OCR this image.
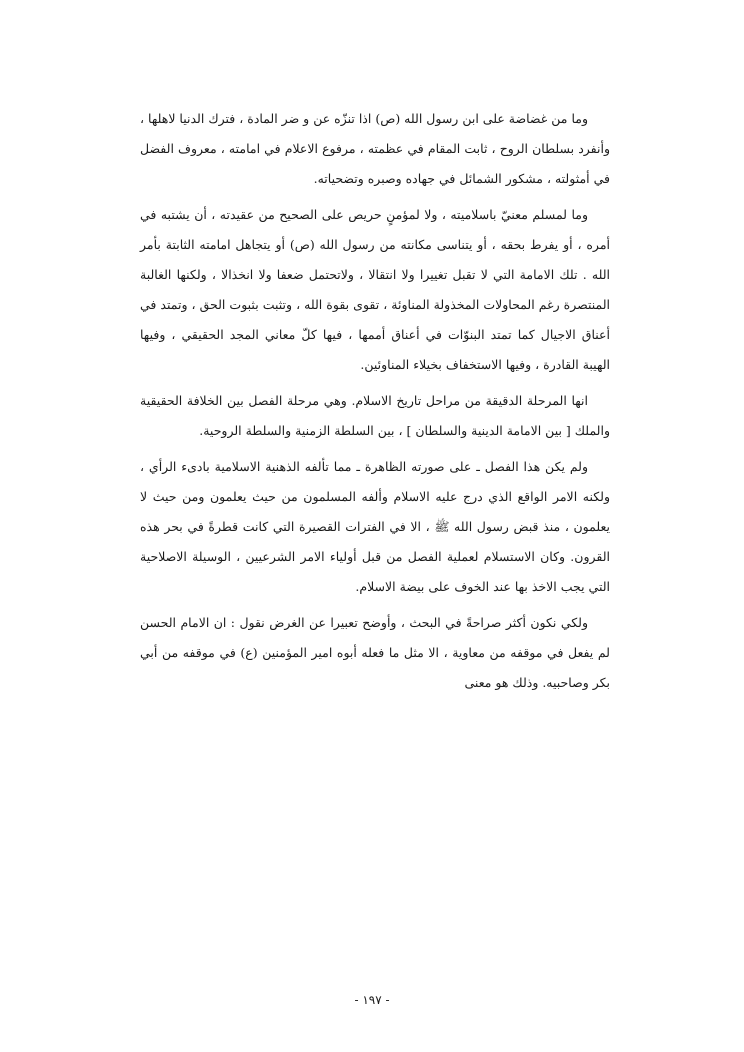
وما من غضاضة على ابن رسول الله (ص) اذا تنزّه عن و ضر المادة ، فترك الدنيا لاهلها ، وأنفرد بسلطان الروح ، ثابت المقام في عظمته ، مرفوع الاعلام في امامته ، معروف الفضل في أمثولته ، مشكور الشمائل في جهاده وصبره وتضحياته.

وما لمسلم معنيّ باسلاميته ، ولا لمؤمنٍ حريص على الصحيح من عقيدته ، أن يشتبه في أمره ، أو يفرط بحقه ، أو يتناسى مكانته من رسول الله (ص) أو يتجاهل امامته الثابتة بأمر الله . تلك الامامة التي لا تقبل تغييرا ولا انتقالا ، ولاتحتمل ضعفا ولا انخذالا ، ولكنها الغالبة المنتصرة رغم المحاولات المخذولة المناوئة ، تقوى بقوة الله ، وتثبت بثبوت الحق ، وتمتد في أعناق الاجيال كما تمتد البنوّات في أعناق أممها ، فيها كلّ معاني المجد الحقيقي ، وفيها الهيبة القادرة ، وفيها الاستخفاف بخيلاء المناوئين.

انها المرحلة الدقيقة من مراحل تاريخ الاسلام. وهي مرحلة الفصل بين الخلافة الحقيقية والملك [ بين الامامة الدينية والسلطان ] ، بين السلطة الزمنية والسلطة الروحية.

ولم يكن هذا الفصل ـ على صورته الظاهرة ـ مما تألفه الذهنية الاسلامية بادىء الرأي ، ولكنه الامر الواقع الذي درج عليه الاسلام وألفه المسلمون من حيث يعلمون ومن حيث لا يعلمون ، منذ قبض رسول الله ﷺ ، الا في الفترات القصيرة التي كانت قطرةً في بحر هذه القرون. وكان الاستسلام لعملية الفصل من قبل أولياء الامر الشرعيين ، الوسيلة الاصلاحية التي يجب الاخذ بها عند الخوف على بيضة الاسلام.

ولكي نكون أكثر صراحةً في البحث ، وأوضح تعبيرا عن الغرض نقول : ان الامام الحسن لم يفعل في موقفه من معاوية ، الا مثل ما فعله أبوه امير المؤمنين (ع) في موقفه من أبي بكر وصاحبيه. وذلك هو معنى

- ١٩٧ -
